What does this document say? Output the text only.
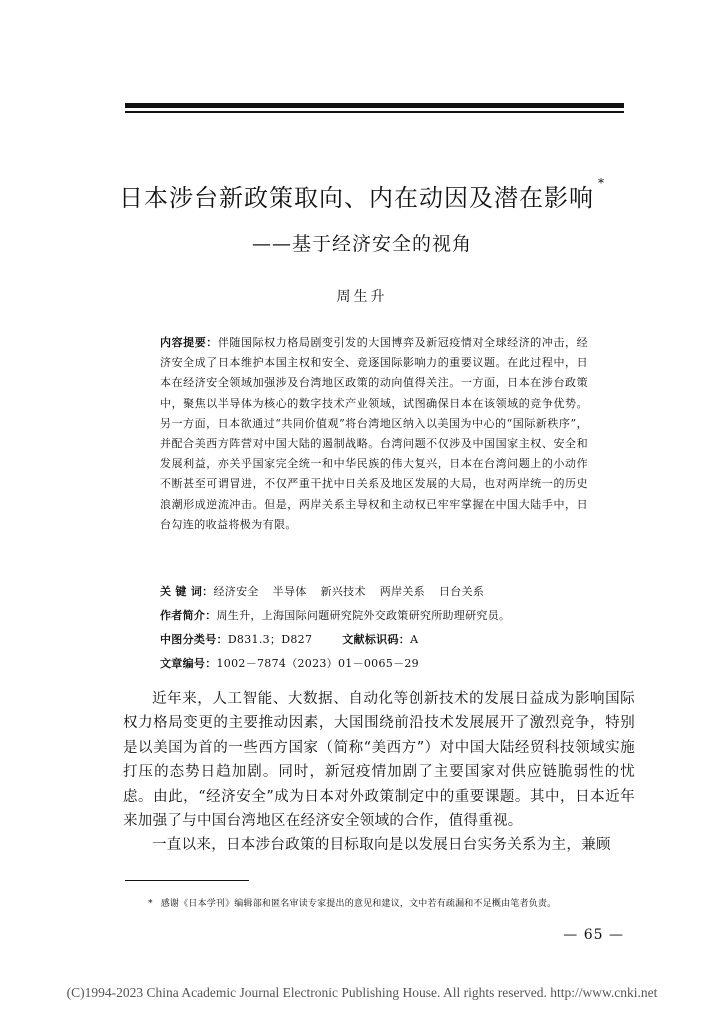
日本涉台新政策取向、内在动因及潜在影响*
——基于经济安全的视角
周生升
内容提要：伴随国际权力格局剧变引发的大国博弈及新冠疫情对全球经济的冲击，经济安全成了日本维护本国主权和安全、竞逐国际影响力的重要议题。在此过程中，日本在经济安全领域加强涉及台湾地区政策的动向值得关注。一方面，日本在涉台政策中，聚焦以半导体为核心的数字技术产业领域，试图确保日本在该领域的竞争优势。另一方面，日本欲通过“共同价值观”将台湾地区纳入以美国为中心的“国际新秩序”，并配合美西方阵营对中国大陆的遏制战略。台湾问题不仅涉及中国国家主权、安全和发展利益，亦关乎国家完全统一和中华民族的伟大复兴，日本在台湾问题上的小动作不断甚至可谓冒进，不仅严重干扰中日关系及地区发展的大局，也对两岸统一的历史浪潮形成逆流冲击。但是，两岸关系主导权和主动权已牢牢掌握在中国大陆手中，日台勾连的收益将极为有限。
关 键 词：经济安全 半导体 新兴技术 两岸关系 日台关系
作者简介：周生升，上海国际问题研究院外交政策研究所助理研究员。
中图分类号：D831.3；D827	文献标识码：A
文章编号：1002－7874（2023）01－0065－29

近年来，人工智能、大数据、自动化等创新技术的发展日益成为影响国际权力格局变更的主要推动因素，大国围绕前沿技术发展展开了激烈竞争，特别是以美国为首的一些西方国家（简称“美西方”）对中国大陆经贸科技领域实施打压的态势日趋加剧。同时，新冠疫情加剧了主要国家对供应链脆弱性的忧虑。由此，“经济安全”成为日本对外政策制定中的重要课题。其中，日本近年来加强了与中国台湾地区在经济安全领域的合作，值得重视。

一直以来，日本涉台政策的目标取向是以发展日台实务关系为主，兼顾

* 感谢《日本学刊》编辑部和匿名审读专家提出的意见和建议，文中若有疏漏和不足概由笔者负责。
— 65 —
(C)1994-2023 China Academic Journal Electronic Publishing House. All rights reserved. http://www.cnki.net
